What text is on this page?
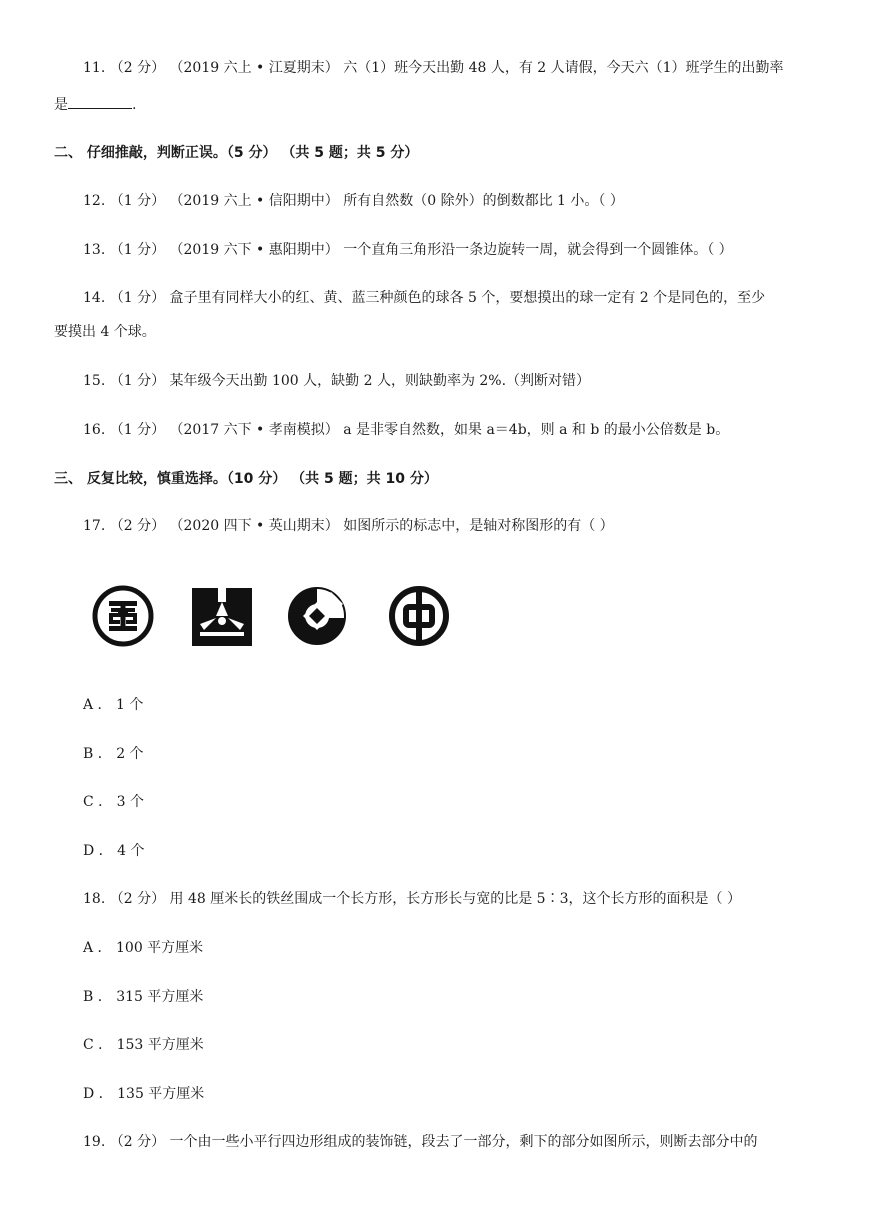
11. （2 分） （2019 六上 • 江夏期末） 六（1）班今天出勤 48 人，有 2 人请假，今天六（1）班学生的出勤率
是	.
二、 仔细推敲，判断正误。（5 分） （共 5 题；共 5 分）
12. （1 分） （2019 六上 • 信阳期中） 所有自然数（0 除外）的倒数都比 1 小。（ ）
13. （1 分） （2019 六下 • 惠阳期中） 一个直角三角形沿一条边旋转一周，就会得到一个圆锥体。（ ）
14. （1 分） 盒子里有同样大小的红、黄、蓝三种颜色的球各 5 个，要想摸出的球一定有 2 个是同色的，至少
要摸出 4 个球。
15. （1 分） 某年级今天出勤 100 人，缺勤 2 人，则缺勤率为 2%.（判断对错）
16. （1 分） （2017 六下 • 孝南模拟） a 是非零自然数，如果 a＝4b，则 a 和 b 的最小公倍数是 b。
三、 反复比较，慎重选择。（10 分） （共 5 题；共 10 分）
17. （2 分） （2020 四下 • 英山期末） 如图所示的标志中，是轴对称图形的有（ ）
A ． 1 个
B ． 2 个
C ． 3 个
D ． 4 个
18. （2 分） 用 48 厘米长的铁丝围成一个长方形，长方形长与宽的比是 5∶3，这个长方形的面积是（ ）
A ． 100 平方厘米
B ． 315 平方厘米
C ． 153 平方厘米
D ． 135 平方厘米
19. （2 分） 一个由一些小平行四边形组成的装饰链，段去了一部分，剩下的部分如图所示，则断去部分中的
